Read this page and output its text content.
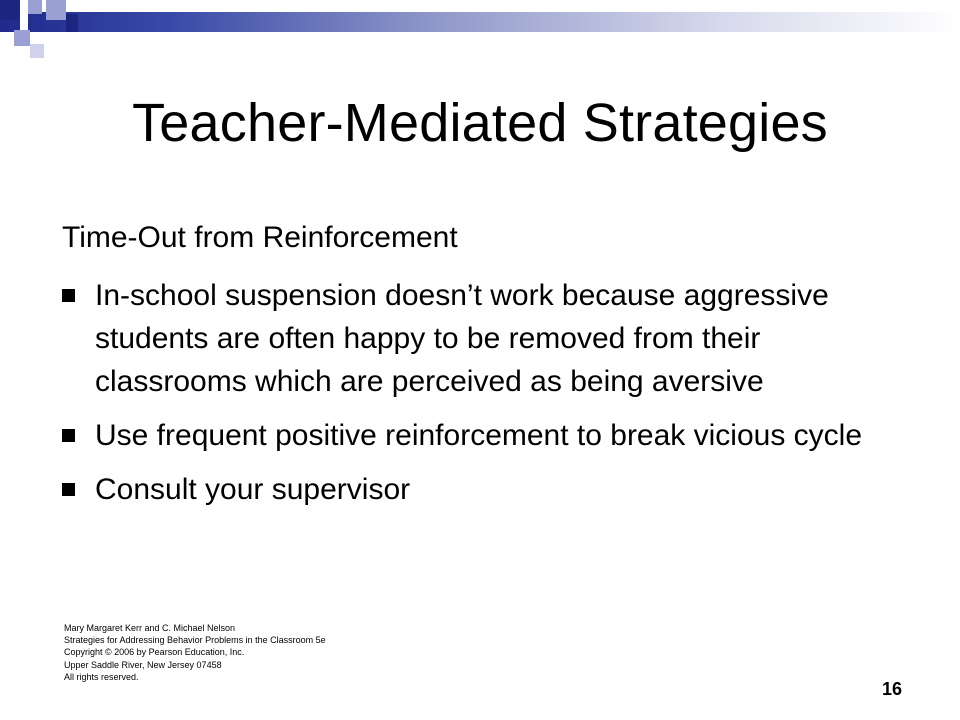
Teacher-Mediated Strategies
Time-Out from Reinforcement
In-school suspension doesn’t work because aggressive students are often happy to be removed from their classrooms which are perceived as being aversive
Use frequent positive reinforcement to break vicious cycle
Consult your supervisor
Mary Margaret Kerr and C. Michael Nelson
Strategies for Addressing Behavior Problems in the Classroom 5e
Copyright © 2006 by Pearson Education, Inc.
Upper Saddle River, New Jersey 07458
All rights reserved.
16
